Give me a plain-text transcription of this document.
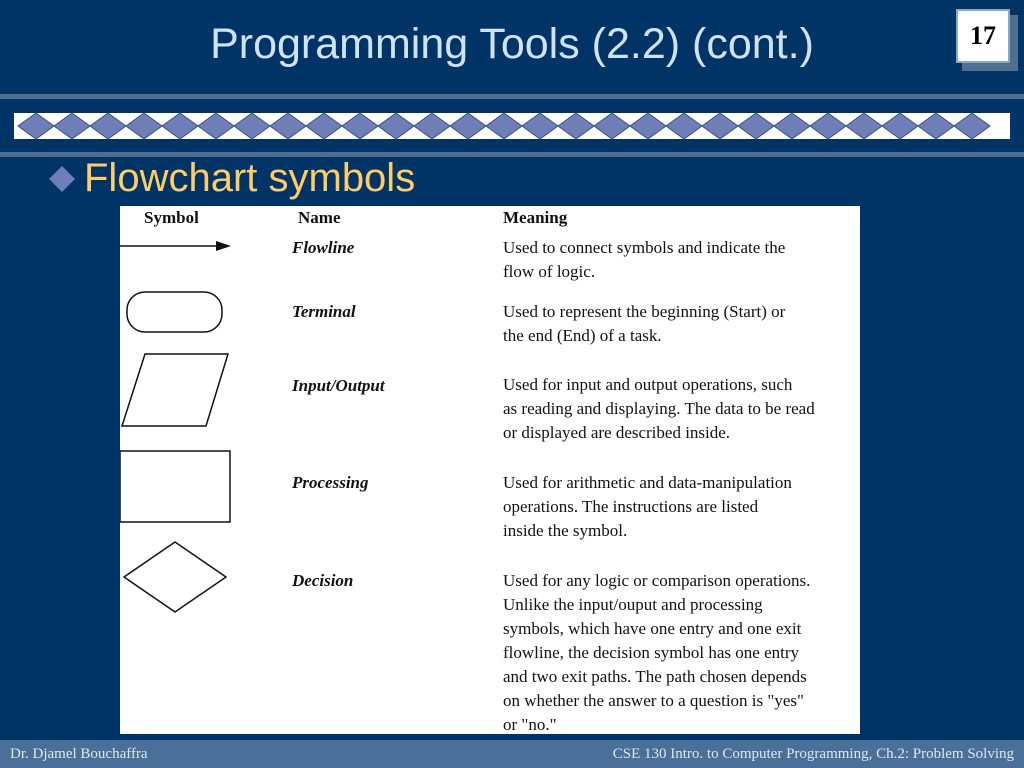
Programming Tools (2.2) (cont.)	17
Flowchart symbols
Symbol	Name	Meaning
Flowline	Used to connect symbols and indicate the
flow of logic.
Terminal	Used to represent the beginning (Start) or
the end (End) of a task.
Input/Output	Used for input and output operations, such
as reading and displaying. The data to be read
or displayed are described inside.
Processing	Used for arithmetic and data-manipulation
operations. The instructions are listed
inside the symbol.
Decision	Used for any logic or comparison operations.
Unlike the input/ouput and processing
symbols, which have one entry and one exit
flowline, the decision symbol has one entry
and two exit paths. The path chosen depends
on whether the answer to a question is "yes"
or "no."
Dr. Djamel Bouchaffra	CSE 130 Intro. to Computer Programming, Ch.2: Problem Solving
